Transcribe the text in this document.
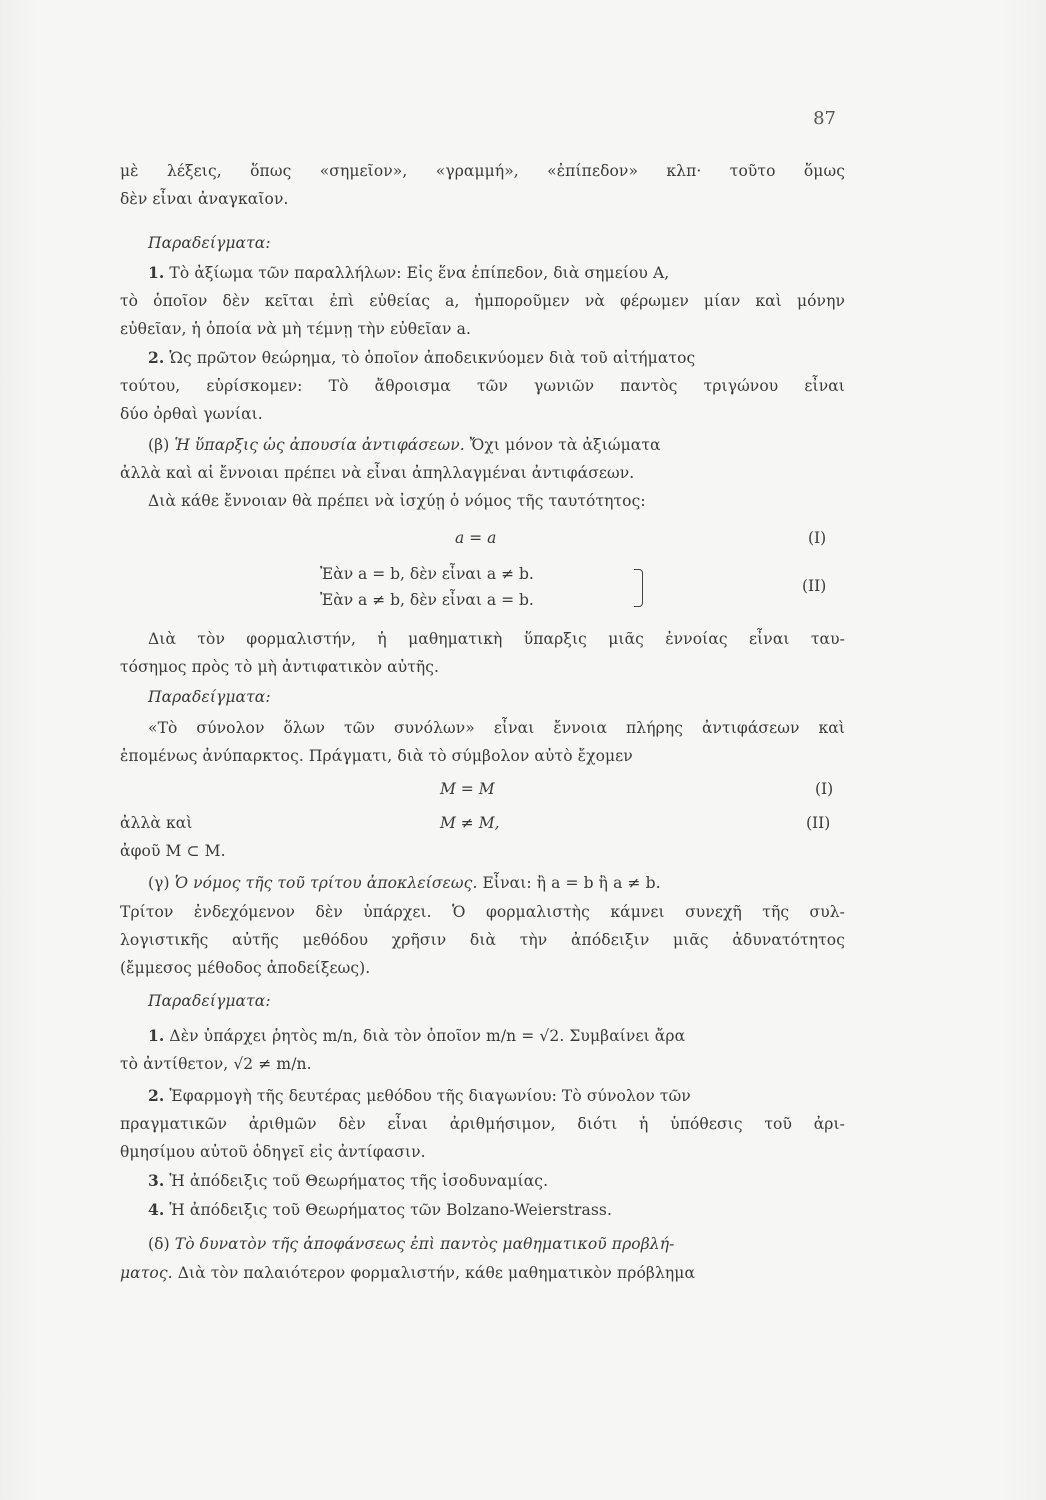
87
μὲ λέξεις, ὅπως «σημεῖον», «γραμμή», «ἐπίπεδον» κλπ· τοῦτο ὅμως
δὲν εἶναι ἀναγκαῖον.
Παραδείγματα:
1. Τὸ ἀξίωμα τῶν παραλλήλων: Εἰς ἕνα ἐπίπεδον, διὰ σημείου A,
τὸ ὁποῖον δὲν κεῖται ἐπὶ εὐθείας a, ἠμποροῦμεν νὰ φέρωμεν μίαν καὶ μόνην
εὐθεῖαν, ἡ ὁποία νὰ μὴ τέμνῃ τὴν εὐθεῖαν a.
2. Ὡς πρῶτον θεώρημα, τὸ ὁποῖον ἀποδεικνύομεν διὰ τοῦ αἰτήματος
τούτου, εὑρίσκομεν: Τὸ ἄθροισμα τῶν γωνιῶν παντὸς τριγώνου εἶναι
δύο ὀρθαὶ γωνίαι.
(β) Ἡ ὕπαρξις ὡς ἀπουσία ἀντιφάσεων. Ὄχι μόνον τὰ ἀξιώματα
ἀλλὰ καὶ αἱ ἔννοιαι πρέπει νὰ εἶναι ἀπηλλαγμέναι ἀντιφάσεων.
Διὰ κάθε ἔννοιαν θὰ πρέπει νὰ ἰσχύῃ ὁ νόμος τῆς ταυτότητος:
a = a	(I)
Ἐὰν a = b, δὲν εἶναι a ≠ b.
Ἐὰν a ≠ b, δὲν εἶναι a = b.
(II)
Διὰ τὸν φορμαλιστήν, ἡ μαθηματικὴ ὕπαρξις μιᾶς ἐννοίας εἶναι ταυ-
τόσημος πρὸς τὸ μὴ ἀντιφατικὸν αὐτῆς.
Παραδείγματα:
«Τὸ σύνολον ὅλων τῶν συνόλων» εἶναι ἔννοια πλήρης ἀντιφάσεων καὶ
ἑπομένως ἀνύπαρκτος. Πράγματι, διὰ τὸ σύμβολον αὐτὸ ἔχομεν
M = M	(I)
ἀλλὰ καὶ	M ≠ M,	(II)
ἀφοῦ M ⊂ M.
(γ) Ὁ νόμος τῆς τοῦ τρίτου ἀποκλείσεως. Εἶναι: ἢ a = b ἢ a ≠ b.
Τρίτον ἐνδεχόμενον δὲν ὑπάρχει. Ὁ φορμαλιστὴς κάμνει συνεχῆ τῆς συλ-
λογιστικῆς αὐτῆς μεθόδου χρῆσιν διὰ τὴν ἀπόδειξιν μιᾶς ἀδυνατότητος
(ἔμμεσος μέθοδος ἀποδείξεως).
Παραδείγματα:
1. Δὲν ὑπάρχει ῥητὸς m/n, διὰ τὸν ὁποῖον m/n = √2. Συμβαίνει ἄρα
τὸ ἀντίθετον, √2 ≠ m/n.
2. Ἐφαρμογὴ τῆς δευτέρας μεθόδου τῆς διαγωνίου: Τὸ σύνολον τῶν
πραγματικῶν ἀριθμῶν δὲν εἶναι ἀριθμήσιμον, διότι ἡ ὑπόθεσις τοῦ ἀρι-
θμησίμου αὐτοῦ ὁδηγεῖ εἰς ἀντίφασιν.
3. Ἡ ἀπόδειξις τοῦ Θεωρήματος τῆς ἰσοδυναμίας.
4. Ἡ ἀπόδειξις τοῦ Θεωρήματος τῶν Bolzano-Weierstrass.
(δ) Τὸ δυνατὸν τῆς ἀποφάνσεως ἐπὶ παντὸς μαθηματικοῦ προβλή-
ματος. Διὰ τὸν παλαιότερον φορμαλιστήν, κάθε μαθηματικὸν πρόβλημα
